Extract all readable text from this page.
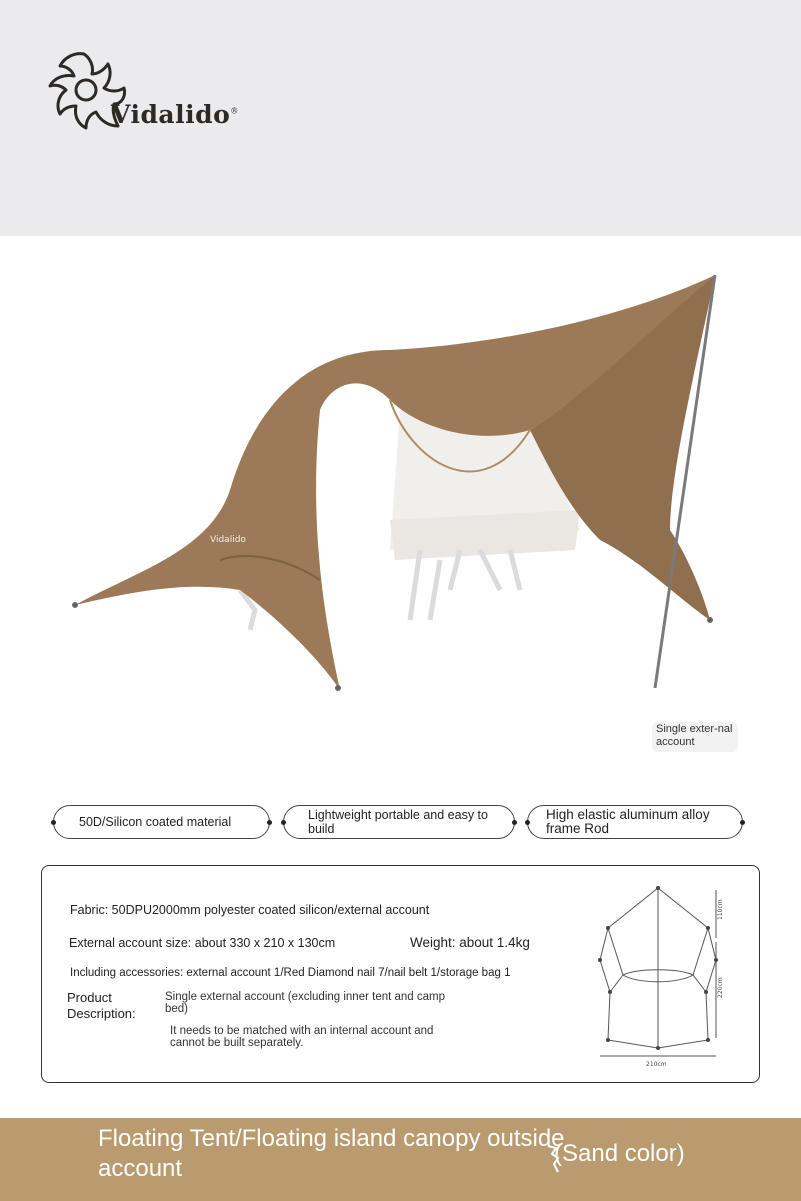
Vidalido®
Vidalido
Single exter-nal account
50D/Silicon coated material	Lightweight portable and easy to build
High elastic aluminum alloy frame Rod
Fabric: 50DPU2000mm polyester coated silicon/external account
External account size: about 330 x 210 x 130cm	Weight: about 1.4kg
Including accessories: external account 1/Red Diamond nail 7/nail belt 1/storage bag 1
Product Description:
Single external account (excluding inner tent and camp bed)
It needs to be matched with an internal account and cannot be built separately.
110cm
220cm
210cm
Floating Tent/Floating island canopy outside account
(Sand color)
